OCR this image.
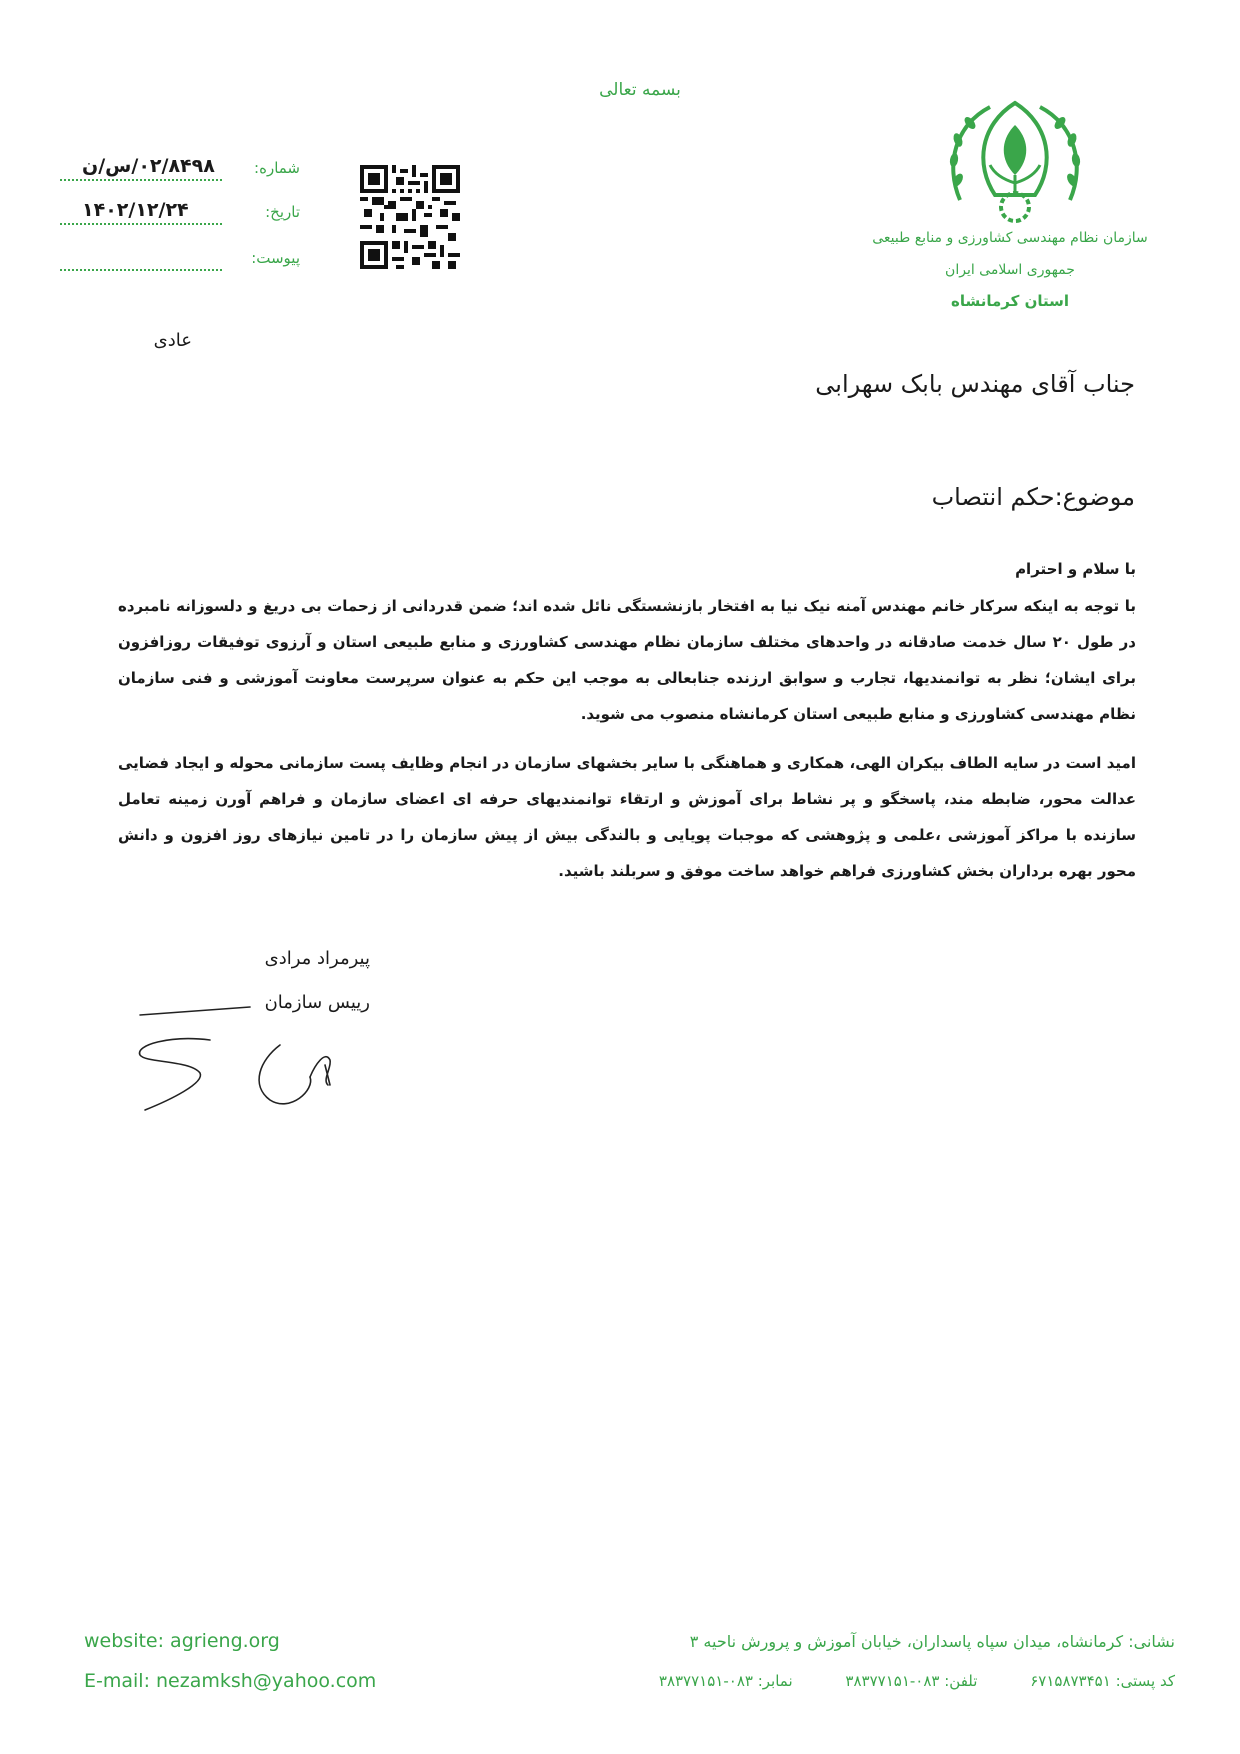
بسمه تعالی
سازمان نظام مهندسی کشاورزی و منابع طبیعی
جمهوری اسلامی ایران
استان کرمانشاه
شماره:
۰۲/۸۴۹۸/س/ن
تاریخ:
۱۴۰۲/۱۲/۲۴
پیوست:
عادی
جناب آقای مهندس بابک سهرابی
موضوع:حکم انتصاب
با سلام و احترام
با توجه به اینکه سرکار خانم مهندس آمنه نیک نیا به افتخار بازنشستگی نائل شده اند؛ ضمن قدردانی از زحمات بی دریغ و دلسوزانه نامبرده در طول ۲۰ سال خدمت صادقانه در واحدهای مختلف سازمان نظام مهندسی کشاورزی و منابع طبیعی استان و آرزوی توفیقات روزافزون برای ایشان؛ نظر به توانمندیها، تجارب و سوابق ارزنده جنابعالی به موجب این حکم به عنوان سرپرست معاونت آموزشی و فنی سازمان نظام مهندسی کشاورزی و منابع طبیعی استان کرمانشاه منصوب می شوید.
امید است در سایه الطاف بیکران الهی، همکاری و هماهنگی با سایر بخشهای سازمان در انجام وظایف پست سازمانی محوله و ایجاد فضایی عدالت محور، ضابطه مند، پاسخگو و پر نشاط برای آموزش و ارتقاء توانمندیهای حرفه ای اعضای سازمان و فراهم آورن زمینه تعامل سازنده با مراکز آموزشی ،علمی و پژوهشی که موجبات پویایی و بالندگی بیش از پیش سازمان را در تامین نیازهای روز افزون و دانش محور بهره برداران بخش کشاورزی فراهم خواهد ساخت موفق و سربلند باشید.
پیرمراد مرادی
رییس سازمان
website: agrieng.org
E-mail: nezamksh@yahoo.com
نشانی: کرمانشاه، میدان سپاه پاسداران، خیابان آموزش و پرورش ناحیه ۳
کد پستی: ۶۷۱۵۸۷۳۴۵۱ تلفن: ۰۸۳-۳۸۳۷۷۱۵۱ نمابر: ۰۸۳-۳۸۳۷۷۱۵۱
